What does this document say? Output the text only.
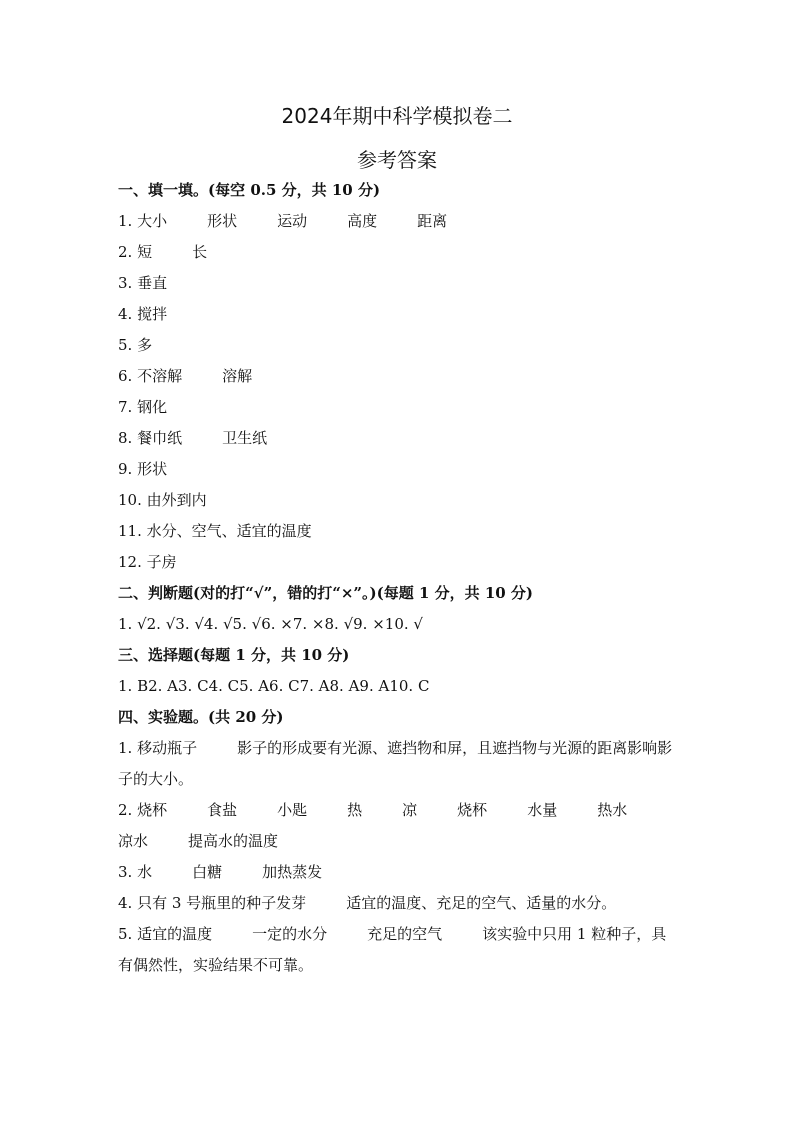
2024年期中科学模拟卷二
参考答案
一、填一填。(每空 0.5 分，共 10 分)
1. 大小	形状	运动	高度	距离
2. 短	长
3. 垂直
4. 搅拌
5. 多
6. 不溶解	溶解
7. 钢化
8. 餐巾纸	卫生纸
9. 形状
10. 由外到内
11. 水分、空气、适宜的温度
12. 子房
二、判断题(对的打“√”，错的打“×”。)(每题 1 分，共 10 分)
1. √2. √3. √4. √5. √6. ×7. ×8. √9. ×10. √
三、选择题(每题 1 分，共 10 分)
1. B2. A3. C4. C5. A6. C7. A8. A9. A10. C
四、实验题。(共 20 分)
1. 移动瓶子	影子的形成要有光源、遮挡物和屏，且遮挡物与光源的距离影响影子的大小。
2. 烧杯	食盐	小匙	热	凉	烧杯	水量	热水凉水	提高水的温度
3. 水	白糖	加热蒸发
4. 只有 3 号瓶里的种子发芽	适宜的温度、充足的空气、适量的水分。
5. 适宜的温度	一定的水分	充足的空气	该实验中只用 1 粒种子，具有偶然性，实验结果不可靠。
